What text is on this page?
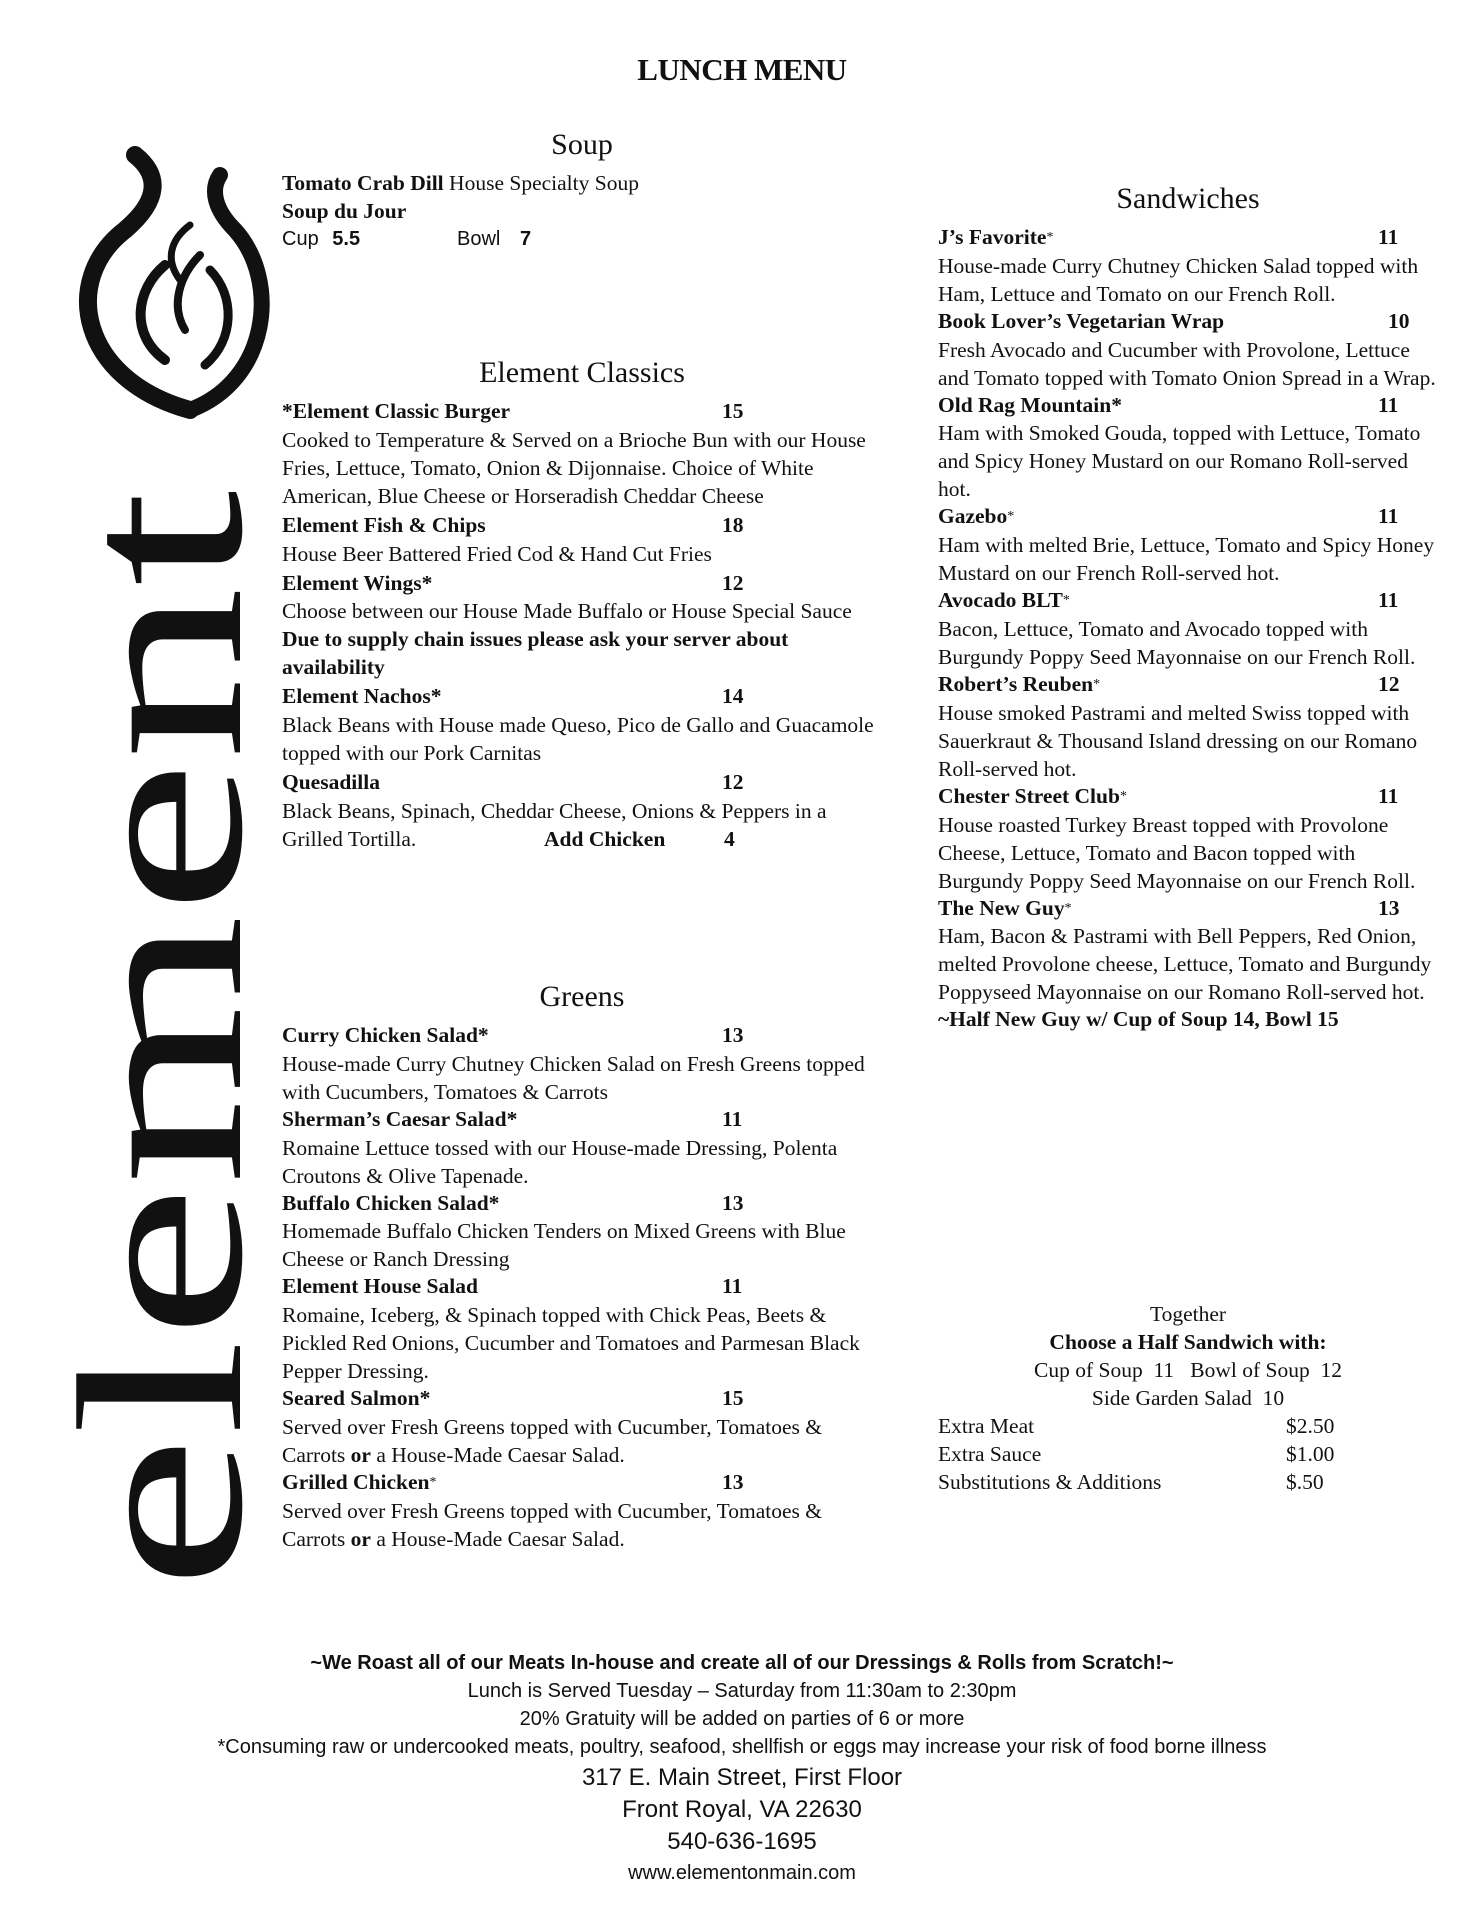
LUNCH MENU
element
Soup
Tomato Crab Dill House Specialty Soup
Soup du Jour
Cup 5.5	Bowl 7
Element Classics
*Element Classic Burger	15
Cooked to Temperature & Served on a Brioche Bun with our House Fries, Lettuce, Tomato, Onion & Dijonnaise. Choice of White American, Blue Cheese or Horseradish Cheddar Cheese
Element Fish & Chips	18
House Beer Battered Fried Cod & Hand Cut Fries
Element Wings*	12
Choose between our House Made Buffalo or House Special Sauce Due to supply chain issues please ask your server about availability
Element Nachos*	14
Black Beans with House made Queso, Pico de Gallo and Guacamole topped with our Pork Carnitas
Quesadilla	12
Black Beans, Spinach, Cheddar Cheese, Onions & Peppers in a Grilled Tortilla.	Add Chicken	4
Greens
Curry Chicken Salad*	13
House-made Curry Chutney Chicken Salad on Fresh Greens topped with Cucumbers, Tomatoes & Carrots
Sherman’s Caesar Salad*	11
Romaine Lettuce tossed with our House-made Dressing, Polenta Croutons & Olive Tapenade.
Buffalo Chicken Salad*	13
Homemade Buffalo Chicken Tenders on Mixed Greens with Blue Cheese or Ranch Dressing
Element House Salad	11
Romaine, Iceberg, & Spinach topped with Chick Peas, Beets & Pickled Red Onions, Cucumber and Tomatoes and Parmesan Black Pepper Dressing.
Seared Salmon*	15
Served over Fresh Greens topped with Cucumber, Tomatoes & Carrots or a House-Made Caesar Salad.
Grilled Chicken*	13
Served over Fresh Greens topped with Cucumber, Tomatoes & Carrots or a House-Made Caesar Salad.
Sandwiches
J’s Favorite*	11
House-made Curry Chutney Chicken Salad topped with Ham, Lettuce and Tomato on our French Roll.
Book Lover’s Vegetarian Wrap	10
Fresh Avocado and Cucumber with Provolone, Lettuce and Tomato topped with Tomato Onion Spread in a Wrap.
Old Rag Mountain*	11
Ham with Smoked Gouda, topped with Lettuce, Tomato and Spicy Honey Mustard on our Romano Roll-served hot.
Gazebo*	11
Ham with melted Brie, Lettuce, Tomato and Spicy Honey Mustard on our French Roll-served hot.
Avocado BLT*	11
Bacon, Lettuce, Tomato and Avocado topped with Burgundy Poppy Seed Mayonnaise on our French Roll.
Robert’s Reuben*	12
House smoked Pastrami and melted Swiss topped with Sauerkraut & Thousand Island dressing on our Romano Roll-served hot.
Chester Street Club*	11
House roasted Turkey Breast topped with Provolone Cheese, Lettuce, Tomato and Bacon topped with Burgundy Poppy Seed Mayonnaise on our French Roll.
The New Guy*	13
Ham, Bacon & Pastrami with Bell Peppers, Red Onion, melted Provolone cheese, Lettuce, Tomato and Burgundy Poppyseed Mayonnaise on our Romano Roll-served hot.
~Half New Guy w/ Cup of Soup 14, Bowl 15
Together
Choose a Half Sandwich with:
Cup of Soup 11 Bowl of Soup 12
Side Garden Salad 10
Extra Meat	$2.50
Extra Sauce	$1.00
Substitutions & Additions	$.50
~We Roast all of our Meats In-house and create all of our Dressings & Rolls from Scratch!~
Lunch is Served Tuesday – Saturday from 11:30am to 2:30pm
20% Gratuity will be added on parties of 6 or more
*Consuming raw or undercooked meats, poultry, seafood, shellfish or eggs may increase your risk of food borne illness
317 E. Main Street, First Floor
Front Royal, VA 22630
540-636-1695
www.elementonmain.com
